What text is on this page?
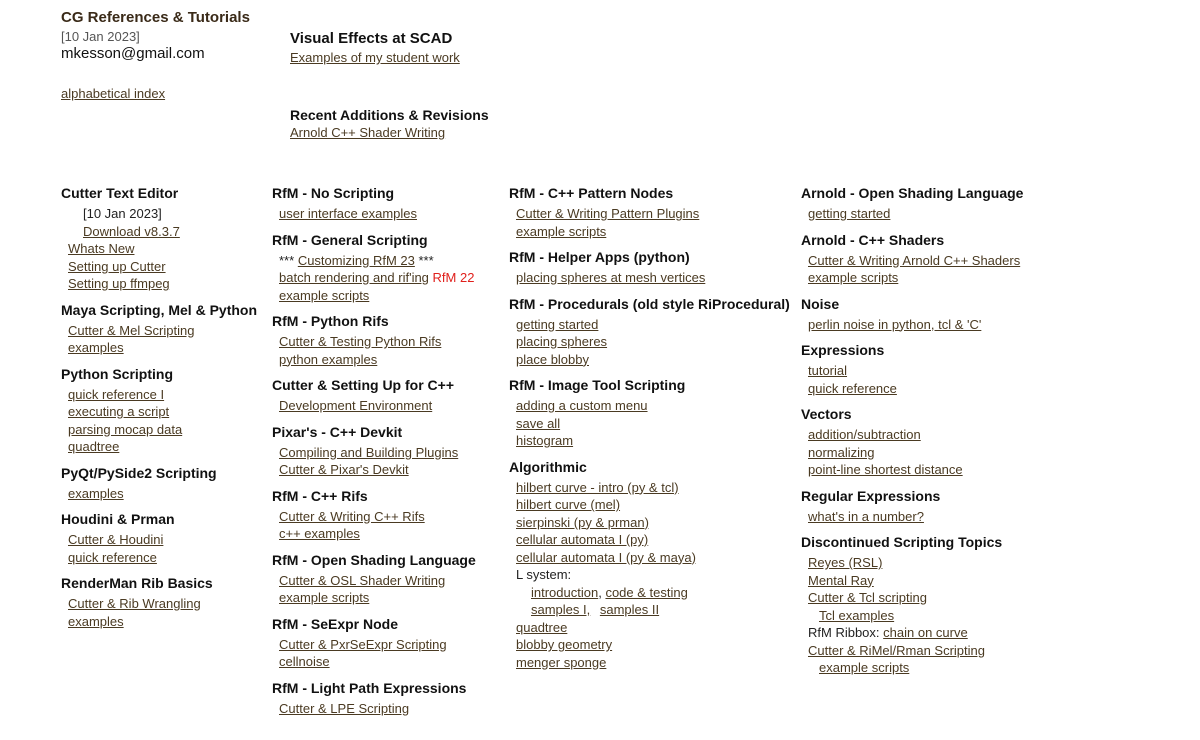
CG References & Tutorials
[10 Jan 2023]
mkesson@gmail.com
alphabetical index
Visual Effects at SCAD
Examples of my student work
Recent Additions & Revisions
Arnold C++ Shader Writing
Cutter Text Editor
[10 Jan 2023]
Download v8.3.7
Whats New
Setting up Cutter
Setting up ffmpeg
Maya Scripting, Mel & Python
Cutter & Mel Scripting
examples
Python Scripting
quick reference I
executing a script
parsing mocap data
quadtree
PyQt/PySide2 Scripting
examples
Houdini & Prman
Cutter & Houdini
quick reference
RenderMan Rib Basics
Cutter & Rib Wrangling
examples
RfM - No Scripting
user interface examples
RfM - General Scripting
*** Customizing RfM 23 ***
batch rendering and rif'ing RfM 22
example scripts
RfM - Python Rifs
Cutter & Testing Python Rifs
python examples
Cutter & Setting Up for C++
Development Environment
Pixar's - C++ Devkit
Compiling and Building Plugins
Cutter & Pixar's Devkit
RfM - C++ Rifs
Cutter & Writing C++ Rifs
c++ examples
RfM - Open Shading Language
Cutter & OSL Shader Writing
example scripts
RfM - SeExpr Node
Cutter & PxrSeExpr Scripting
cellnoise
RfM - Light Path Expressions
Cutter & LPE Scripting
RfM - C++ Pattern Nodes
Cutter & Writing Pattern Plugins
example scripts
RfM - Helper Apps (python)
placing spheres at mesh vertices
RfM - Procedurals (old style RiProcedural)
getting started
placing spheres
place blobby
RfM - Image Tool Scripting
adding a custom menu
save all
histogram
Algorithmic
hilbert curve - intro (py & tcl)
hilbert curve (mel)
sierpinski (py & prman)
cellular automata I (py)
cellular automata I (py & maya)
L system:
introduction, code & testing
samples I, samples II
quadtree
blobby geometry
menger sponge
Arnold - Open Shading Language
getting started
Arnold - C++ Shaders
Cutter & Writing Arnold C++ Shaders
example scripts
Noise
perlin noise in python, tcl & 'C'
Expressions
tutorial
quick reference
Vectors
addition/subtraction
normalizing
point-line shortest distance
Regular Expressions
what's in a number?
Discontinued Scripting Topics
Reyes (RSL)
Mental Ray
Cutter & Tcl scripting
Tcl examples
RfM Ribbox: chain on curve
Cutter & RiMel/Rman Scripting
example scripts
